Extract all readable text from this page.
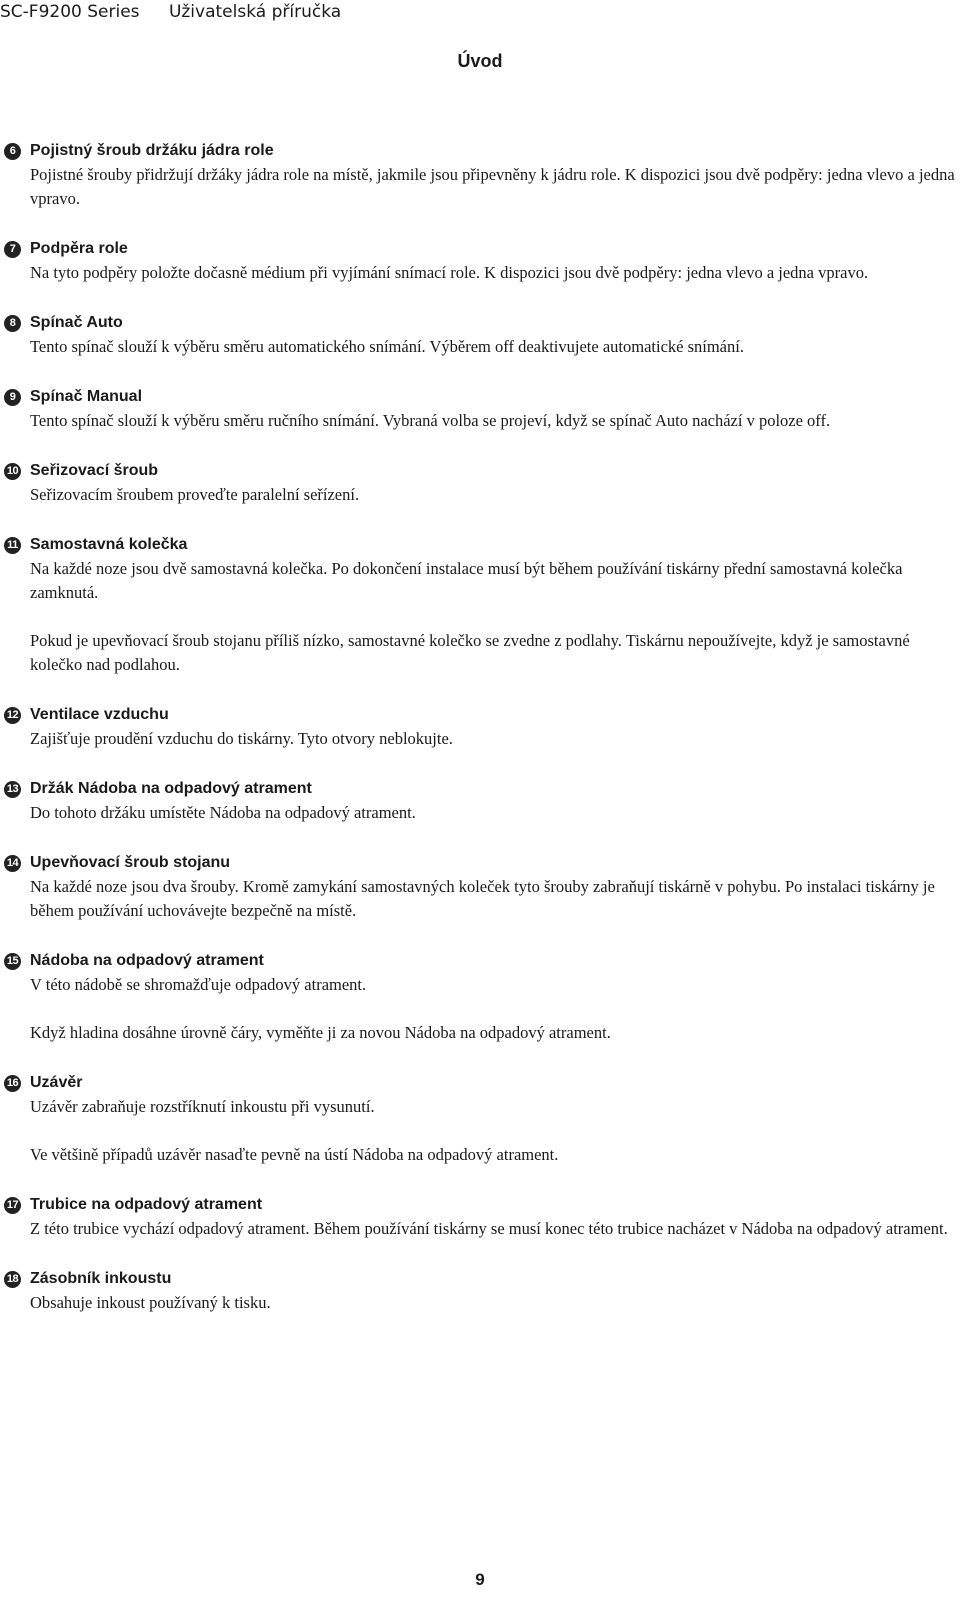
SC-F9200 Series Uživatelská příručka
Úvod
6 Pojistný šroub držáku jádra role
Pojistné šrouby přidržují držáky jádra role na místě, jakmile jsou připevněny k jádru role. K dispozici jsou dvě podpěry: jedna vlevo a jedna vpravo.
7 Podpěra role
Na tyto podpěry položte dočasně médium při vyjímání snímací role. K dispozici jsou dvě podpěry: jedna vlevo a jedna vpravo.
8 Spínač Auto
Tento spínač slouží k výběru směru automatického snímání. Výběrem off deaktivujete automatické snímání.
9 Spínač Manual
Tento spínač slouží k výběru směru ručního snímání. Vybraná volba se projeví, když se spínač Auto nachází v poloze off.
10 Seřizovací šroub
Seřizovacím šroubem proveďte paralelní seřízení.
11 Samostavná kolečka
Na každé noze jsou dvě samostavná kolečka. Po dokončení instalace musí být během používání tiskárny přední samostavná kolečka zamknutá.
Pokud je upevňovací šroub stojanu příliš nízko, samostavné kolečko se zvedne z podlahy. Tiskárnu nepoužívejte, když je samostavné kolečko nad podlahou.
12 Ventilace vzduchu
Zajišťuje proudění vzduchu do tiskárny. Tyto otvory neblokujte.
13 Držák Nádoba na odpadový atrament
Do tohoto držáku umístěte Nádoba na odpadový atrament.
14 Upevňovací šroub stojanu
Na každé noze jsou dva šrouby. Kromě zamykání samostavných koleček tyto šrouby zabraňují tiskárně v pohybu. Po instalaci tiskárny je během používání uchovávejte bezpečně na místě.
15 Nádoba na odpadový atrament
V této nádobě se shromažďuje odpadový atrament.
Když hladina dosáhne úrovně čáry, vyměňte ji za novou Nádoba na odpadový atrament.
16 Uzávěr
Uzávěr zabraňuje rozstříknutí inkoustu při vysunutí.
Ve většině případů uzávěr nasaďte pevně na ústí Nádoba na odpadový atrament.
17 Trubice na odpadový atrament
Z této trubice vychází odpadový atrament. Během používání tiskárny se musí konec této trubice nacházet v Nádoba na odpadový atrament.
18 Zásobník inkoustu
Obsahuje inkoust používaný k tisku.
9
